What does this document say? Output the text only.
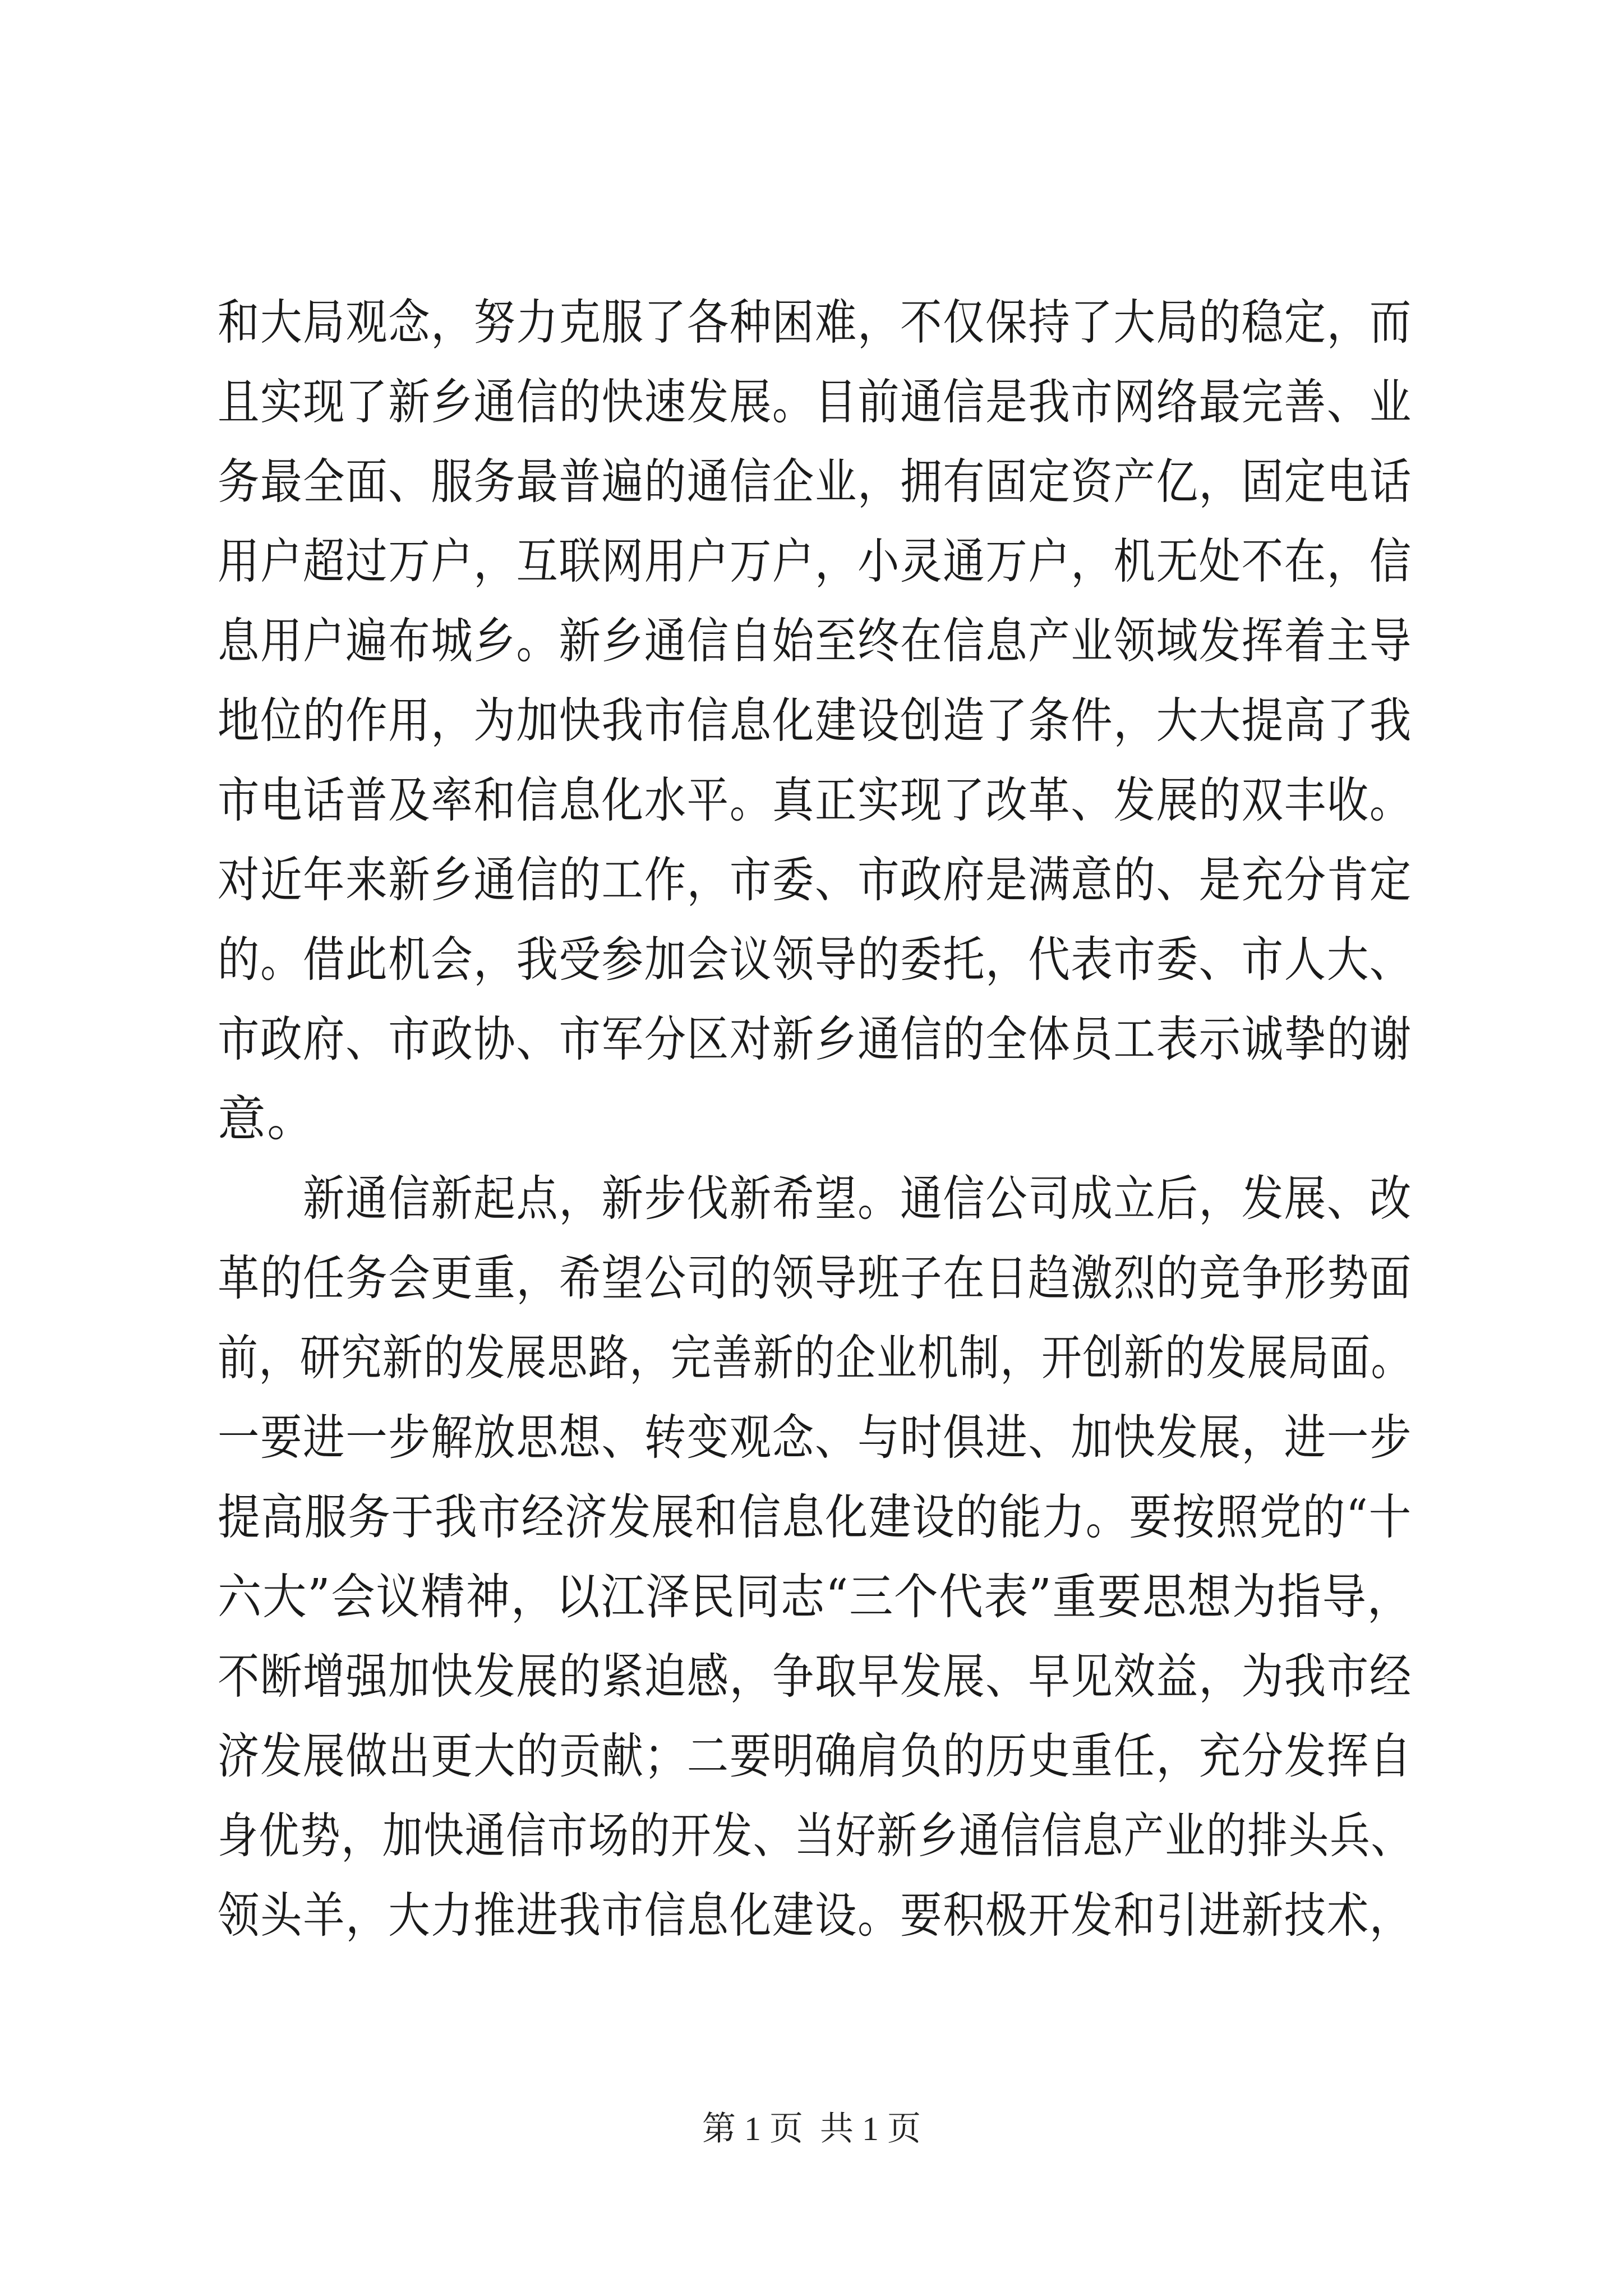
和大局观念，努力克服了各种困难，不仅保持了大局的稳定，而
且实现了新乡通信的快速发展。目前通信是我市网络最完善、业
务最全面、服务最普遍的通信企业，拥有固定资产亿，固定电话
用户超过万户，互联网用户万户，小灵通万户，机无处不在，信
息用户遍布城乡。新乡通信自始至终在信息产业领域发挥着主导
地位的作用，为加快我市信息化建设创造了条件，大大提高了我
市电话普及率和信息化水平。真正实现了改革、发展的双丰收。
对近年来新乡通信的工作，市委、市政府是满意的、是充分肯定
的。借此机会，我受参加会议领导的委托，代表市委、市人大、
市政府、市政协、市军分区对新乡通信的全体员工表示诚挚的谢
意。
　　新通信新起点，新步伐新希望。通信公司成立后，发展、改
革的任务会更重，希望公司的领导班子在日趋激烈的竞争形势面
前，研究新的发展思路，完善新的企业机制，开创新的发展局面。
一要进一步解放思想、转变观念、与时俱进、加快发展，进一步
提高服务于我市经济发展和信息化建设的能力。要按照党的“十
六大”会议精神，以江泽民同志“三个代表”重要思想为指导，
不断增强加快发展的紧迫感，争取早发展、早见效益，为我市经
济发展做出更大的贡献；二要明确肩负的历史重任，充分发挥自
身优势，加快通信市场的开发、当好新乡通信信息产业的排头兵、
领头羊，大力推进我市信息化建设。要积极开发和引进新技术，
第 1 页  共 1 页
